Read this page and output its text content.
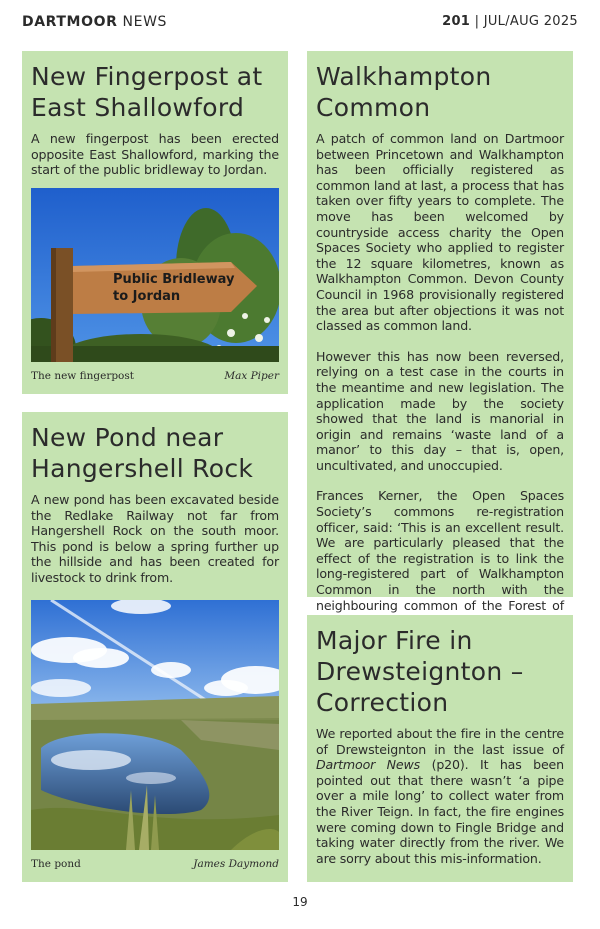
DARTMOOR NEWS	201 | JUL/AUG 2025
New Fingerpost at East Shallowford

A new fingerpost has been erected opposite East Shallowford, marking the start of the public bridleway to Jordan.

Public Bridleway
to Jordan
The new fingerpost	Max Piper
New Pond near Hangershell Rock

A new pond has been excavated beside the Redlake Railway not far from Hangershell Rock on the south moor. This pond is below a spring further up the hillside and has been created for livestock to drink from.

The pond	James Daymond
Walkhampton Common

A patch of common land on Dartmoor between Princetown and Walkhampton has been officially registered as common land at last, a process that has taken over fifty years to complete. The move has been welcomed by countryside access charity the Open Spaces Society who applied to register the 12 square kilometres, known as Walkhampton Common. Devon County Council in 1968 provisionally registered the area but after objections it was not classed as common land.

However this has now been reversed, relying on a test case in the courts in the meantime and new legislation. The application made by the society showed that the land is manorial in origin and remains ‘waste land of a manor’ to this day – that is, open, uncultivated, and unoccupied.

Frances Kerner, the Open Spaces Society’s commons re-registration officer, said: ‘This is an excellent result. We are particularly pleased that the effect of the registration is to link the long-registered part of Walkhampton Common in the north with the neighbouring common of the Forest of

Major Fire in Drewsteignton – Correction

We reported about the fire in the centre of Drewsteignton in the last issue of Dartmoor News (p20). It has been pointed out that there wasn’t ‘a pipe over a mile long’ to collect water from the River Teign. In fact, the fire engines were coming down to Fingle Bridge and taking water directly from the river. We are sorry about this mis-information.

19
